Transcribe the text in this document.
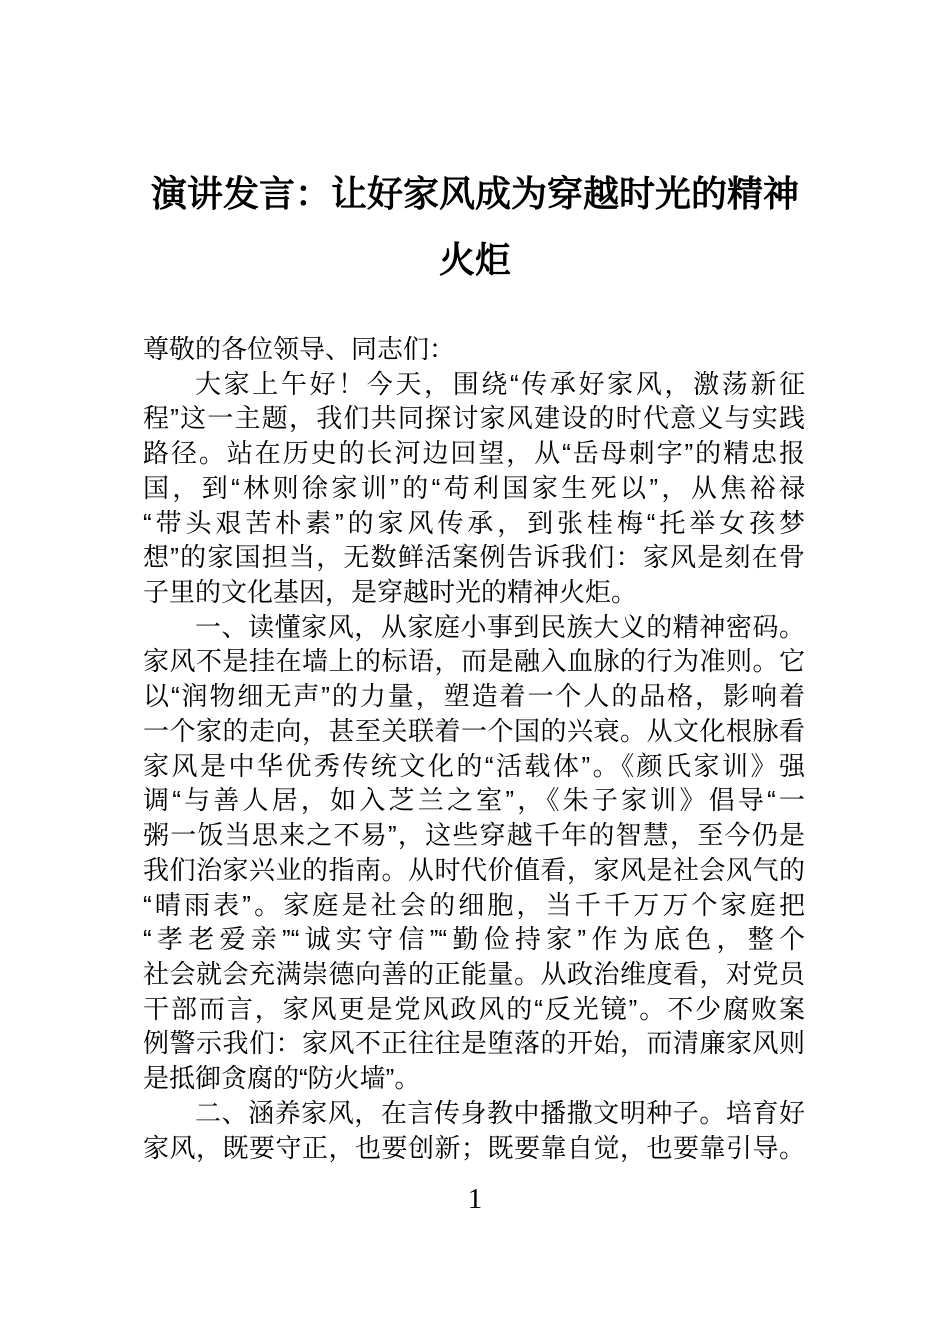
演讲发言：让好家风成为穿越时光的精神
火炬
尊敬的各位领导、同志们：
大家上午好！今天，围绕“传承好家风，激荡新征
程”这一主题，我们共同探讨家风建设的时代意义与实践
路径。站在历史的长河边回望，从“岳母刺字”的精忠报
国，到“林则徐家训”的“苟利国家生死以”，从焦裕禄
“带头艰苦朴素”的家风传承，到张桂梅“托举女孩梦
想”的家国担当，无数鲜活案例告诉我们：家风是刻在骨
子里的文化基因，是穿越时光的精神火炬。
一、读懂家风，从家庭小事到民族大义的精神密码。
家风不是挂在墙上的标语，而是融入血脉的行为准则。它
以“润物细无声”的力量，塑造着一个人的品格，影响着
一个家的走向，甚至关联着一个国的兴衰。从文化根脉看
家风是中华优秀传统文化的“活载体”。《颜氏家训》强
调“与善人居，如入芝兰之室”，《朱子家训》倡导“一
粥一饭当思来之不易”，这些穿越千年的智慧，至今仍是
我们治家兴业的指南。从时代价值看，家风是社会风气的
“晴雨表”。家庭是社会的细胞，当千千万万个家庭把
“孝老爱亲”“诚实守信”“勤俭持家”作为底色，整个
社会就会充满崇德向善的正能量。从政治维度看，对党员
干部而言，家风更是党风政风的“反光镜”。不少腐败案
例警示我们：家风不正往往是堕落的开始，而清廉家风则
是抵御贪腐的“防火墙”。
二、涵养家风，在言传身教中播撒文明种子。培育好
家风，既要守正，也要创新；既要靠自觉，也要靠引导。
1
